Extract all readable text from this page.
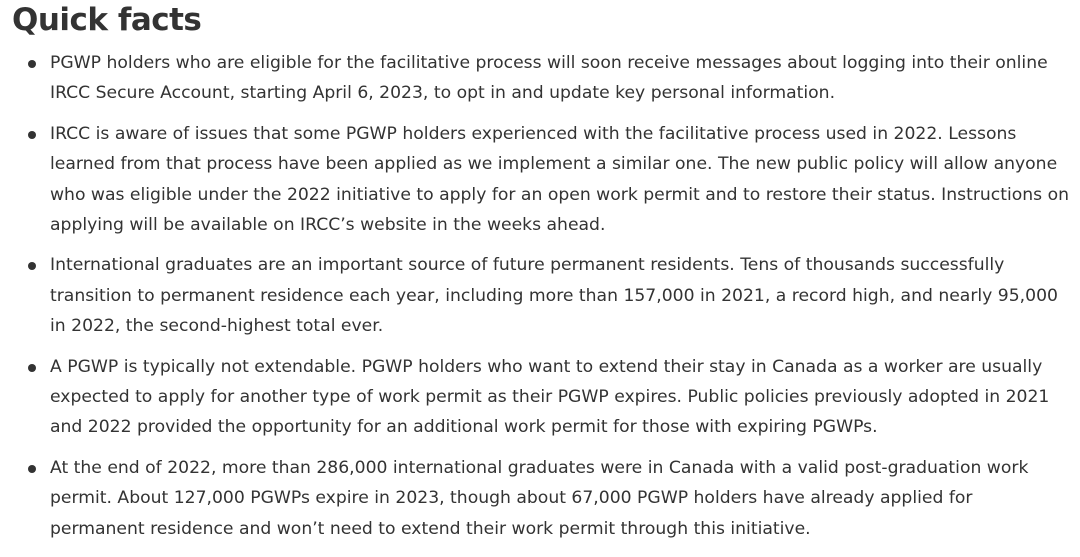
Quick facts
PGWP holders who are eligible for the facilitative process will soon receive messages about logging into their online IRCC Secure Account, starting April 6, 2023, to opt in and update key personal information.
IRCC is aware of issues that some PGWP holders experienced with the facilitative process used in 2022. Lessons learned from that process have been applied as we implement a similar one. The new public policy will allow anyone who was eligible under the 2022 initiative to apply for an open work permit and to restore their status. Instructions on applying will be available on IRCC’s website in the weeks ahead.
International graduates are an important source of future permanent residents. Tens of thousands successfully transition to permanent residence each year, including more than 157,000 in 2021, a record high, and nearly 95,000 in 2022, the second-highest total ever.
A PGWP is typically not extendable. PGWP holders who want to extend their stay in Canada as a worker are usually expected to apply for another type of work permit as their PGWP expires. Public policies previously adopted in 2021 and 2022 provided the opportunity for an additional work permit for those with expiring PGWPs.
At the end of 2022, more than 286,000 international graduates were in Canada with a valid post-graduation work permit. About 127,000 PGWPs expire in 2023, though about 67,000 PGWP holders have already applied for permanent residence and won’t need to extend their work permit through this initiative.
